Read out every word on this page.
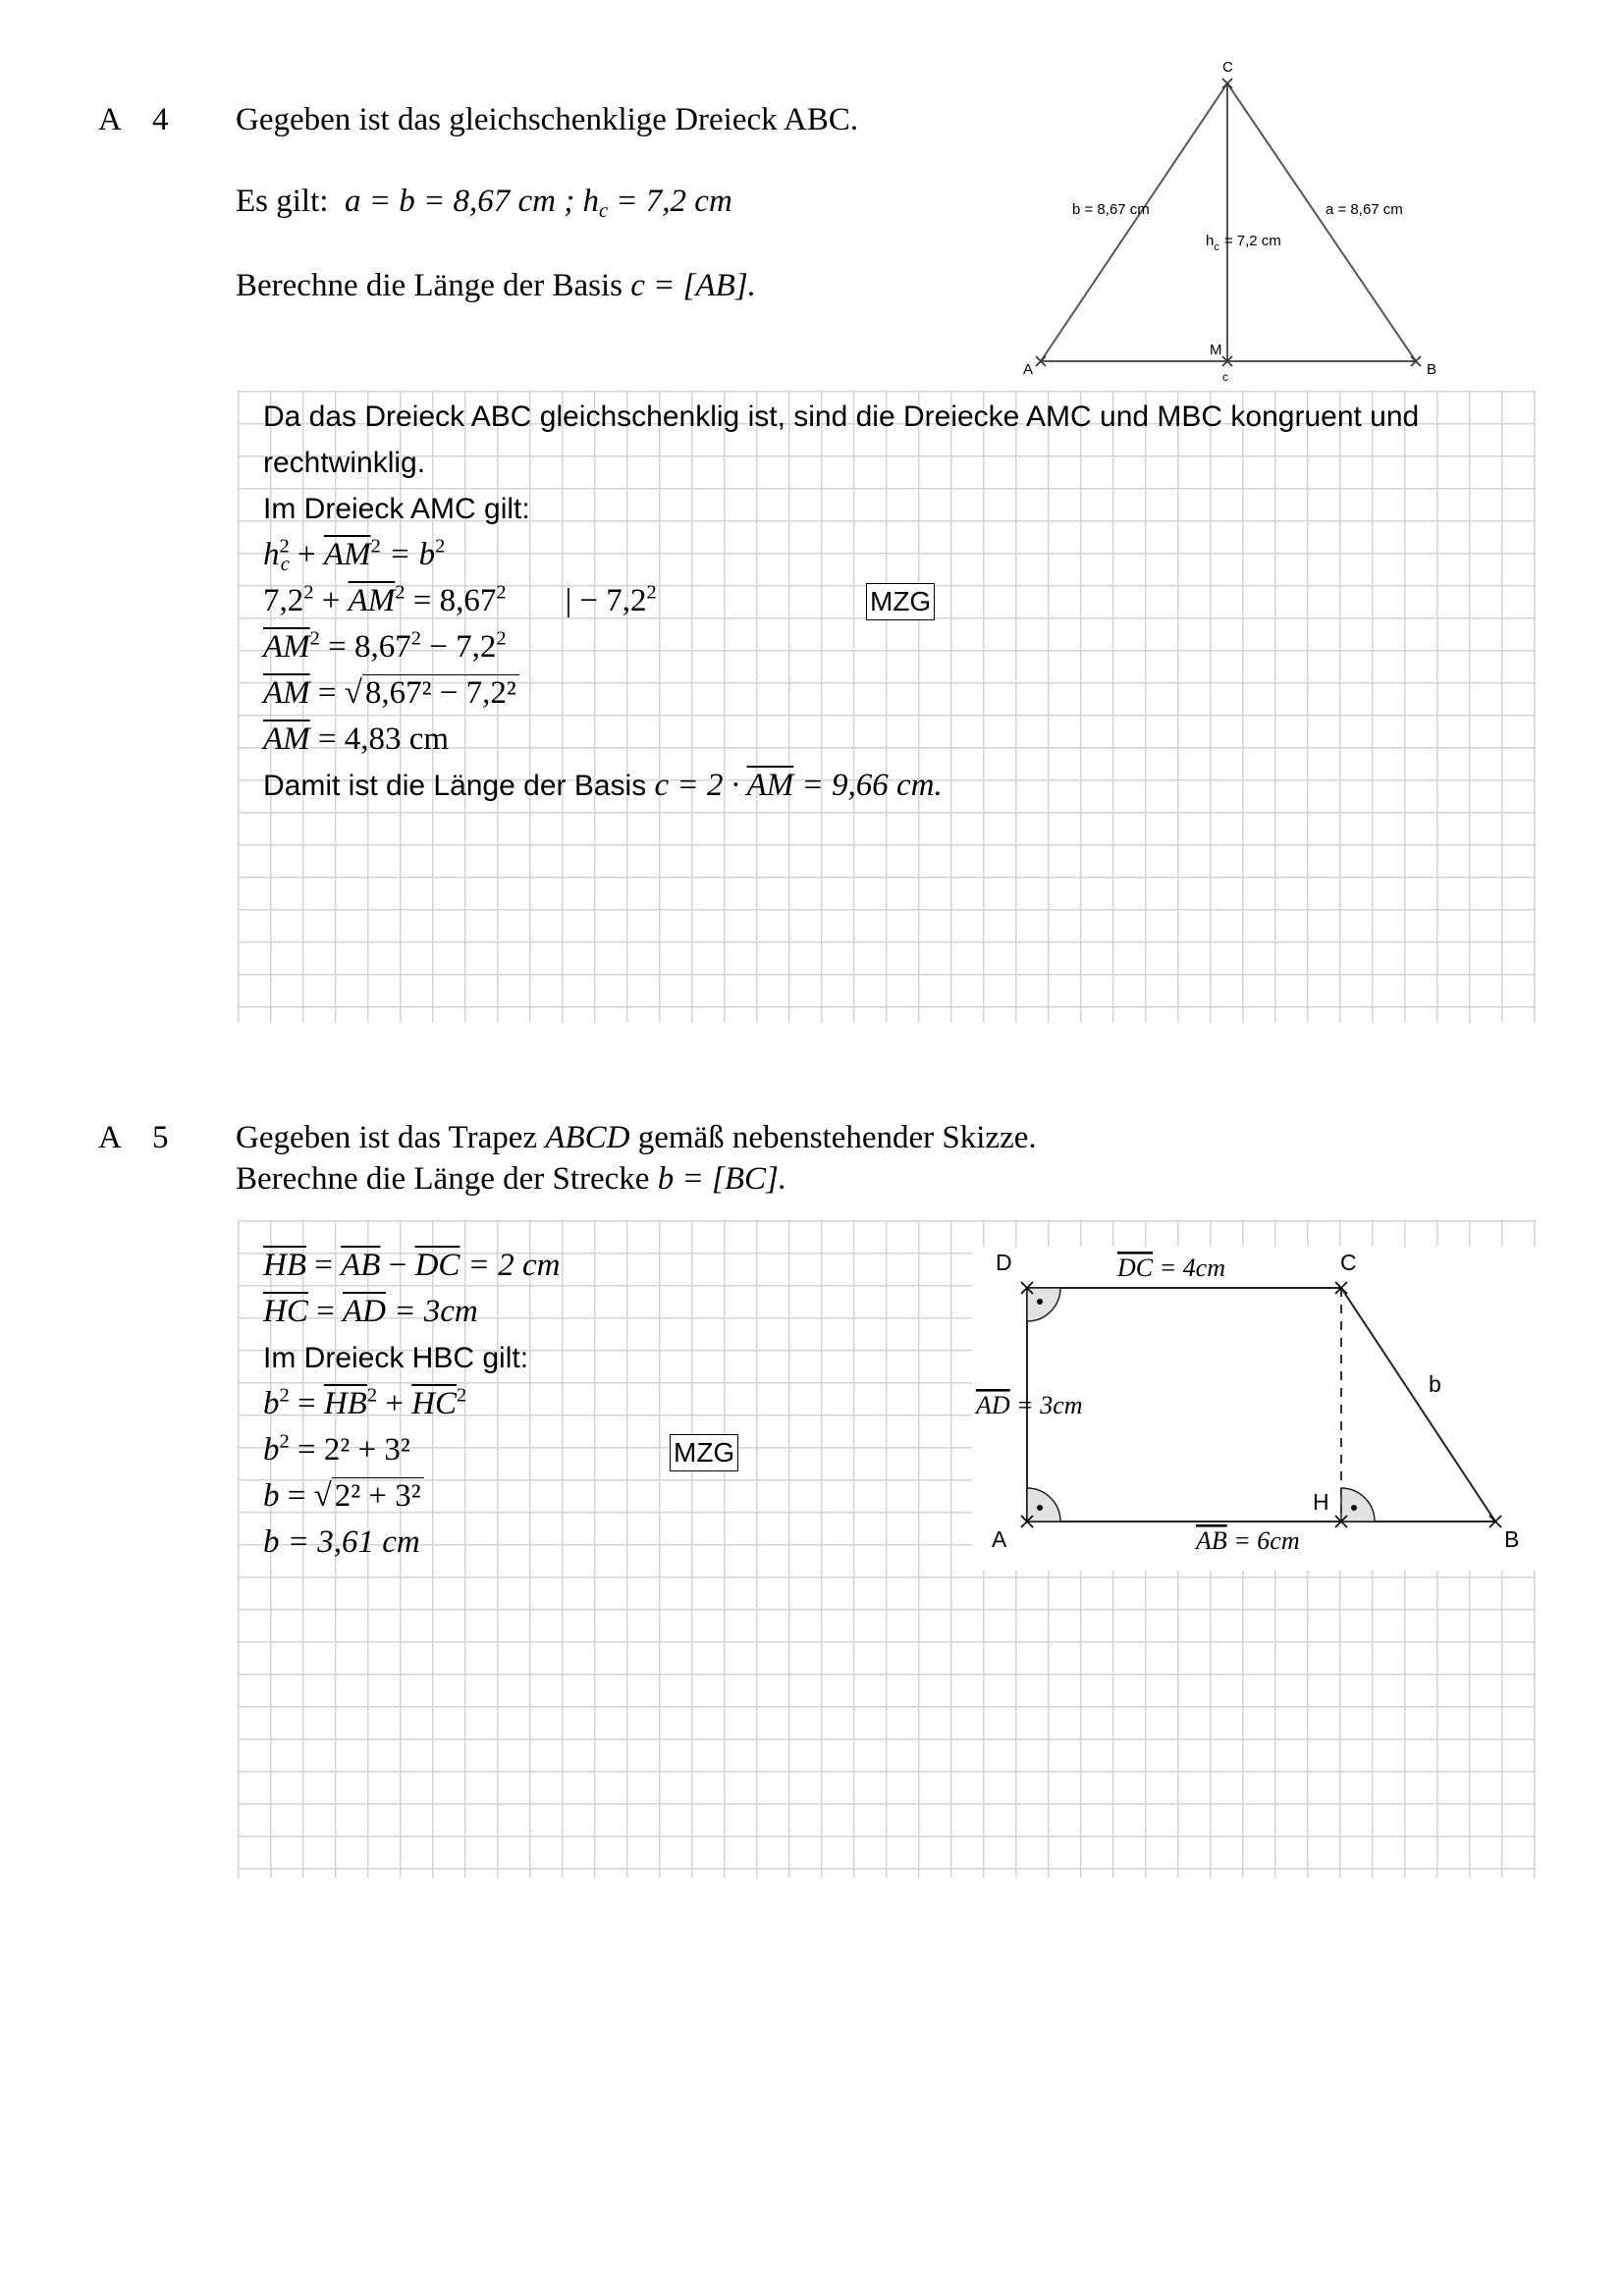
A 4 Gegeben ist das gleichschenklige Dreieck ABC.
Es gilt: a = b = 8,67 cm ; $h_c = 7,2$ cm
Berechne die Länge der Basis c = [AB].
C
A	B
M
c
b = 8,67 cm	a = 8,67 cm
$h_c = 7,2$ cm
Da das Dreieck ABC gleichschenklig ist, sind die Dreiecke AMC und MBC kongruent und
rechtwinklig.
Im Dreieck AMC gilt:
$h^2_c + \overline{AM}^2 = b^2$
$7,2^2 + \overline{AM}^2 = 8,67^2$ | − $7,2^2$
$\overline{AM}^2 = 8,67^2 - 7,2^2$
$\overline{AM} = √8,67^2 - 7,2^2$
$\overline{AM} = 4,83$ cm
Damit ist die Länge der Basis $c = 2 \cdot \overline{AM} = 9,66$ cm.
MZG
A 5 Gegeben ist das Trapez ABCD gemäß nebenstehender Skizze.
Berechne die Länge der Strecke b = [BC].
D	C
A	B
H
b
DC = 4cm
AD = 3cm
AB = 6cm
$\overline{HB} = \overline{AB} - \overline{DC} = 2$ cm
$\overline{HC} = \overline{AD} = 3cm$
Im Dreieck HBC gilt:
$b^2 = \overline{HB}^2 + \overline{HC}^2$
$b^2 = 2^2 + 3^2$
b = √2² + 3²
b = 3,61 cm
MZG
